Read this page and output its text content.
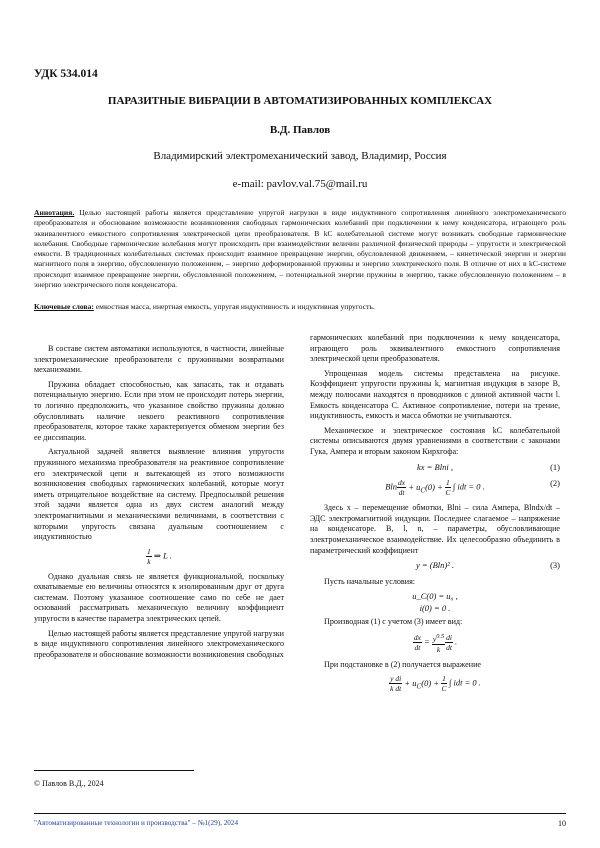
УДК 534.014
ПАРАЗИТНЫЕ ВИБРАЦИИ В АВТОМАТИЗИРОВАННЫХ КОМПЛЕКСАХ
В.Д. Павлов
Владимирский электромеханический завод, Владимир, Россия
e-mail: pavlov.val.75@mail.ru
Аннотация. Целью настоящей работы является представление упругой нагрузки в виде индуктивного сопротивления линейного электромеханического преобразователя и обоснование возможности возникновения свободных гармонических колебаний при подключении к нему конденсатора, играющего роль эквивалентного емкостного сопротивления электрической цепи преобразователя. В kC колебательной системе могут возникать свободные гармонические колебания. Свободные гармонические колебания могут происходить при взаимодействии величин различной физической природы – упругости и электрической емкости. В традиционных колебательных системах происходит взаимное превращение энергии, обусловленной движением, – кинетической энергии и энергии магнитного поля в энергию, обусловленную положением, – энергию деформированной пружины и энергию электрического поля. В отличие от них в kC-системе происходит взаимное превращение энергии, обусловленной положением, – потенциальной энергии пружины в энергию, также обусловленную положением – в энергию электрического поля конденсатора.
Ключевые слова: емкостная масса, инертная емкость, упругая индуктивность и индуктивная упругость.

В составе систем автоматики используются, в частности, линейные электромеханические преобразователи с пружинными возвратными механизмами.

Пружина обладает способностью, как запасать, так и отдавать потенциальную энергию. Если при этом не происходит потерь энергии, то логично предположить, что указанное свойство пружины должно обусловливать наличие некоего реактивного сопротивления преобразователя, которое также характеризуется обменом энергии без ее диссипации.

Актуальной задачей является выявление влияния упругости пружинного механизма преобразователя на реактивное сопротивление его электрической цепи и вытекающей из этого возможности возникновения свободных гармонических колебаний, которые могут иметь отрицательное воздействие на систему. Предпосылкой решения этой задачи является одна из двух систем аналогий между электромагнитными и механическими величинами, в соответствии с которыми упругость связана дуальным соотношением с индуктивностью

$\frac{1}{k}$ ⇒ L .

Однако дуальная связь не является функциональной, поскольку охватываемые ею величины относятся к изолированным друг от друга системам. Поэтому указанное соотношение само по себе не дает оснований рассматривать механическую величину коэффициент упругости в качестве параметра электрических цепей.

Целью настоящей работы является представление упругой нагрузки в виде индуктивного сопротивления линейного электромеханического преобразователя и обоснование возможности возникновения свободных

гармонических колебаний при подключении к нему конденсатора, играющего роль эквивалентного емкостного сопротивления электрической цепи преобразователя.

Упрощенная модель системы представлена на рисунке. Коэффициент упругости пружины k, магнитная индукция в зазоре B, между полюсами находятся n проводников с длиной активной части l. Емкость конденсатора C. Активное сопротивление, потери на трение, индуктивность, емкость и масса обмотки не учитываются.

Механическое и электрическое состояния kC колебательной системы описываются двумя уравнениями в соответствии с законами Гука, Ампера и вторым законом Кирхгофа:

kx = Blni ,	(1)
Bln $\frac{dx}{dt} + u_C(0) + \frac{1}{C}$ ∫ idt = 0 .	(2)

Здесь x – перемещение обмотки, Blni – сила Ампера, Blndx/dt – ЭДС электромагнитной индукции. Последнее слагаемое – напряжение на конденсаторе. B, l, n, – параметры, обусловливающие электромеханическое взаимодействие. Их целесообразно объединить в параметрический коэффициент

y = (Bln)² .	(3)

Пусть начальные условия:

u_C(0) = u₀ ,
i(0) = 0 .

Производная (1) с учетом (3) имеет вид:

$\frac{dx}{dt} = \frac{y^{0.5}}{k} \frac{di}{dt}$ .

При подстановке в (2) получается выражение

$\frac{y}{k} \frac{di}{dt} + u_C(0) + \frac{1}{C}$ ∫ idt = 0 .
© Павлов В.Д., 2024
"Автоматизированные технологии и производства" – №1(29), 2024	10
